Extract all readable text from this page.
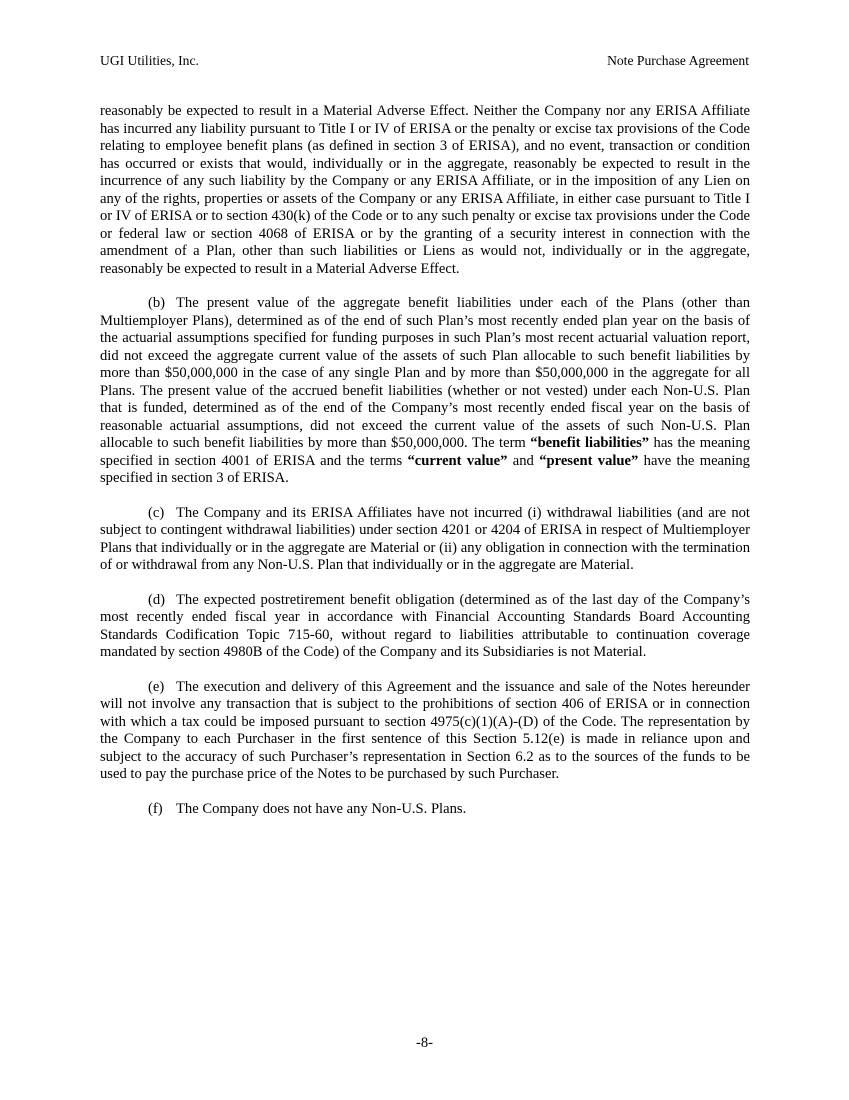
UGI Utilities, Inc.	Note Purchase Agreement

reasonably be expected to result in a Material Adverse Effect. Neither the Company nor any ERISA Affiliate has incurred any liability pursuant to Title I or IV of ERISA or the penalty or excise tax provisions of the Code relating to employee benefit plans (as defined in section 3 of ERISA), and no event, transaction or condition has occurred or exists that would, individually or in the aggregate, reasonably be expected to result in the incurrence of any such liability by the Company or any ERISA Affiliate, or in the imposition of any Lien on any of the rights, properties or assets of the Company or any ERISA Affiliate, in either case pursuant to Title I or IV of ERISA or to section 430(k) of the Code or to any such penalty or excise tax provisions under the Code or federal law or section 4068 of ERISA or by the granting of a security interest in connection with the amendment of a Plan, other than such liabilities or Liens as would not, individually or in the aggregate, reasonably be expected to result in a Material Adverse Effect.

(b) The present value of the aggregate benefit liabilities under each of the Plans (other than Multiemployer Plans), determined as of the end of such Plan’s most recently ended plan year on the basis of the actuarial assumptions specified for funding purposes in such Plan’s most recent actuarial valuation report, did not exceed the aggregate current value of the assets of such Plan allocable to such benefit liabilities by more than $50,000,000 in the case of any single Plan and by more than $50,000,000 in the aggregate for all Plans. The present value of the accrued benefit liabilities (whether or not vested) under each Non-U.S. Plan that is funded, determined as of the end of the Company’s most recently ended fiscal year on the basis of reasonable actuarial assumptions, did not exceed the current value of the assets of such Non-U.S. Plan allocable to such benefit liabilities by more than $50,000,000. The term “benefit liabilities” has the meaning specified in section 4001 of ERISA and the terms “current value” and “present value” have the meaning specified in section 3 of ERISA.

(c) The Company and its ERISA Affiliates have not incurred (i) withdrawal liabilities (and are not subject to contingent withdrawal liabilities) under section 4201 or 4204 of ERISA in respect of Multiemployer Plans that individually or in the aggregate are Material or (ii) any obligation in connection with the termination of or withdrawal from any Non-U.S. Plan that individually or in the aggregate are Material.

(d) The expected postretirement benefit obligation (determined as of the last day of the Company’s most recently ended fiscal year in accordance with Financial Accounting Standards Board Accounting Standards Codification Topic 715-60, without regard to liabilities attributable to continuation coverage mandated by section 4980B of the Code) of the Company and its Subsidiaries is not Material.

(e) The execution and delivery of this Agreement and the issuance and sale of the Notes hereunder will not involve any transaction that is subject to the prohibitions of section 406 of ERISA or in connection with which a tax could be imposed pursuant to section 4975(c)(1)(A)-(D) of the Code. The representation by the Company to each Purchaser in the first sentence of this Section 5.12(e) is made in reliance upon and subject to the accuracy of such Purchaser’s representation in Section 6.2 as to the sources of the funds to be used to pay the purchase price of the Notes to be purchased by such Purchaser.

(f) The Company does not have any Non-U.S. Plans.

-8-
